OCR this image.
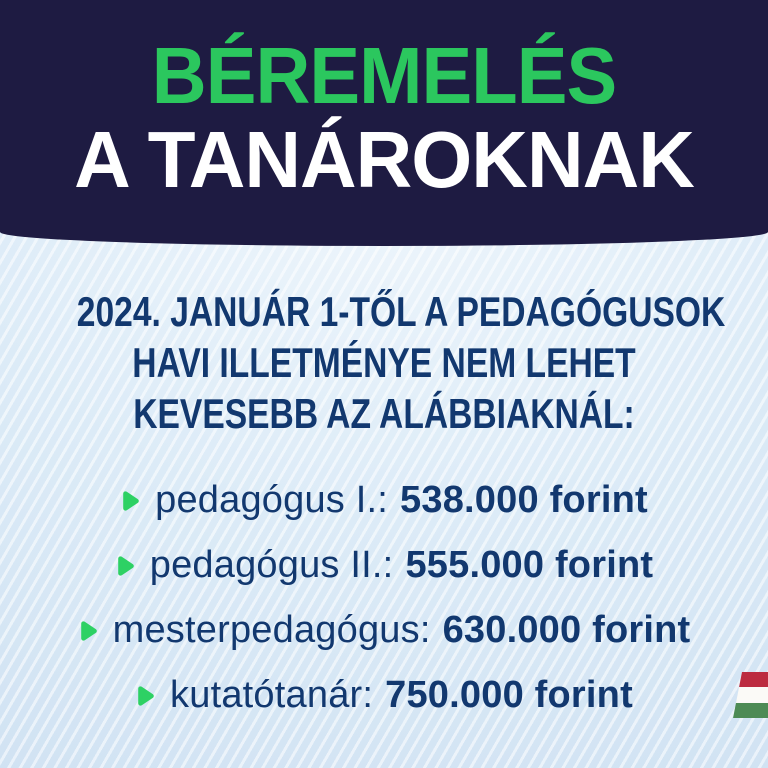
BÉREMELÉS
A TANÁROKNAK
2024. JANUÁR 1-TŐL A PEDAGÓGUSOK
HAVI ILLETMÉNYE NEM LEHET
KEVESEBB AZ ALÁBBIAKNÁL:
pedagógus I.: 538.000 forint
pedagógus II.: 555.000 forint
mesterpedagógus: 630.000 forint
kutatótanár: 750.000 forint
